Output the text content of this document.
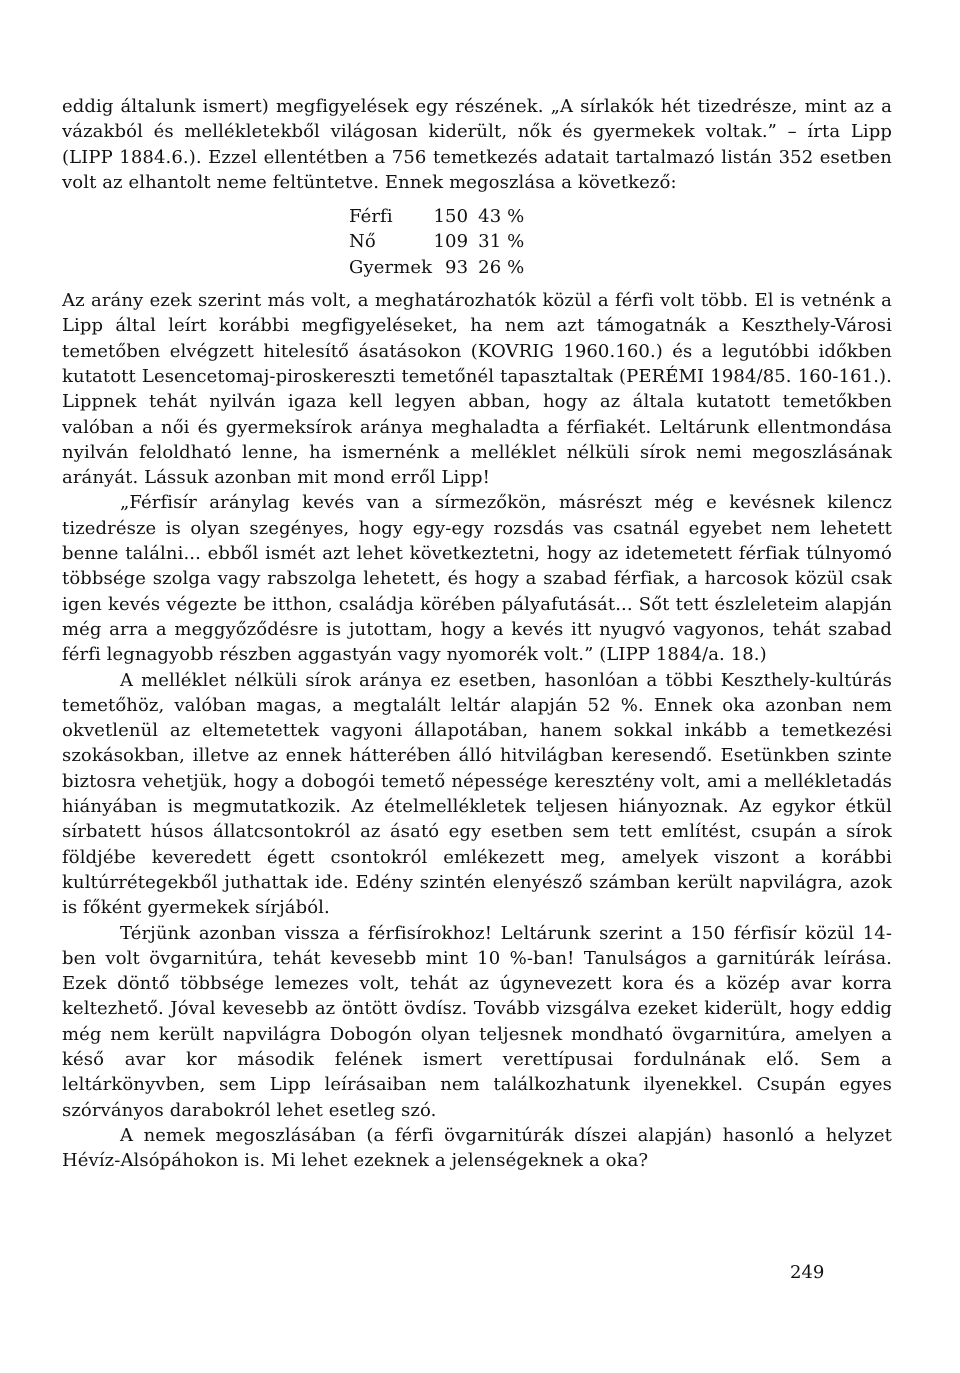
eddig általunk ismert) megfigyelések egy részének. „A sírlakók hét tizedrésze, mint az a vázakból és mellékletekből világosan kiderült, nők és gyermekek voltak.” – írta Lipp (LIPP 1884.6.). Ezzel ellentétben a 756 temetkezés adatait tartalmazó listán 352 esetben volt az elhantolt neme feltüntetve. Ennek megoszlása a következő:

Férfi	150	43 %
Nő	109	31 %
Gyermek	93	26 %

Az arány ezek szerint más volt, a meghatározhatók közül a férfi volt több. El is vetnénk a Lipp által leírt korábbi megfigyeléseket, ha nem azt támogatnák a Keszthely-Városi temetőben elvégzett hitelesítő ásatásokon (KOVRIG 1960.160.) és a legutóbbi időkben kutatott Lesencetomaj-piroskereszti temetőnél tapasztaltak (PERÉMI 1984/85. 160-161.). Lippnek tehát nyilván igaza kell legyen abban, hogy az általa kutatott temetőkben valóban a női és gyermeksírok aránya meghaladta a férfiakét. Leltárunk ellentmondása nyilván feloldható lenne, ha ismernénk a melléklet nélküli sírok nemi megoszlásának arányát. Lássuk azonban mit mond erről Lipp!

„Férfisír aránylag kevés van a sírmezőkön, másrészt még e kevésnek kilencz tizedrésze is olyan szegényes, hogy egy-egy rozsdás vas csatnál egyebet nem lehetett benne találni... ebből ismét azt lehet következtetni, hogy az idetemetett férfiak túlnyomó többsége szolga vagy rabszolga lehetett, és hogy a szabad férfiak, a harcosok közül csak igen kevés végezte be itthon, családja körében pályafutását... Sőt tett észleleteim alapján még arra a meggyőződésre is jutottam, hogy a kevés itt nyugvó vagyonos, tehát szabad férfi legnagyobb részben aggastyán vagy nyomorék volt.” (LIPP 1884/a. 18.)

A melléklet nélküli sírok aránya ez esetben, hasonlóan a többi Keszthely-kultúrás temetőhöz, valóban magas, a megtalált leltár alapján 52 %. Ennek oka azonban nem okvetlenül az eltemetettek vagyoni állapotában, hanem sokkal inkább a temetkezési szokásokban, illetve az ennek hátterében álló hitvilágban keresendő. Esetünkben szinte biztosra vehetjük, hogy a dobogói temető népessége keresztény volt, ami a mellékletadás hiányában is megmutatkozik. Az ételmellékletek teljesen hiányoznak. Az egykor étkül sírbatett húsos állatcsontokról az ásató egy esetben sem tett említést, csupán a sírok földjébe keveredett égett csontokról emlékezett meg, amelyek viszont a korábbi kultúrrétegekből juthattak ide. Edény szintén elenyésző számban került napvilágra, azok is főként gyermekek sírjából.

Térjünk azonban vissza a férfisírokhoz! Leltárunk szerint a 150 férfisír közül 14-ben volt övgarnitúra, tehát kevesebb mint 10 %-ban! Tanulságos a garnitúrák leírása. Ezek döntő többsége lemezes volt, tehát az úgynevezett kora és a közép avar korra keltezhető. Jóval kevesebb az öntött övdísz. Tovább vizsgálva ezeket kiderült, hogy eddig még nem került napvilágra Dobogón olyan teljesnek mondható övgarnitúra, amelyen a késő avar kor második felének ismert verettípusai fordulnának elő. Sem a leltárkönyvben, sem Lipp leírásaiban nem találkozhatunk ilyenekkel. Csupán egyes szórványos darabokról lehet esetleg szó.

A nemek megoszlásában (a férfi övgarnitúrák díszei alapján) hasonló a helyzet Hévíz-Alsópáhokon is. Mi lehet ezeknek a jelenségeknek a oka?

249
